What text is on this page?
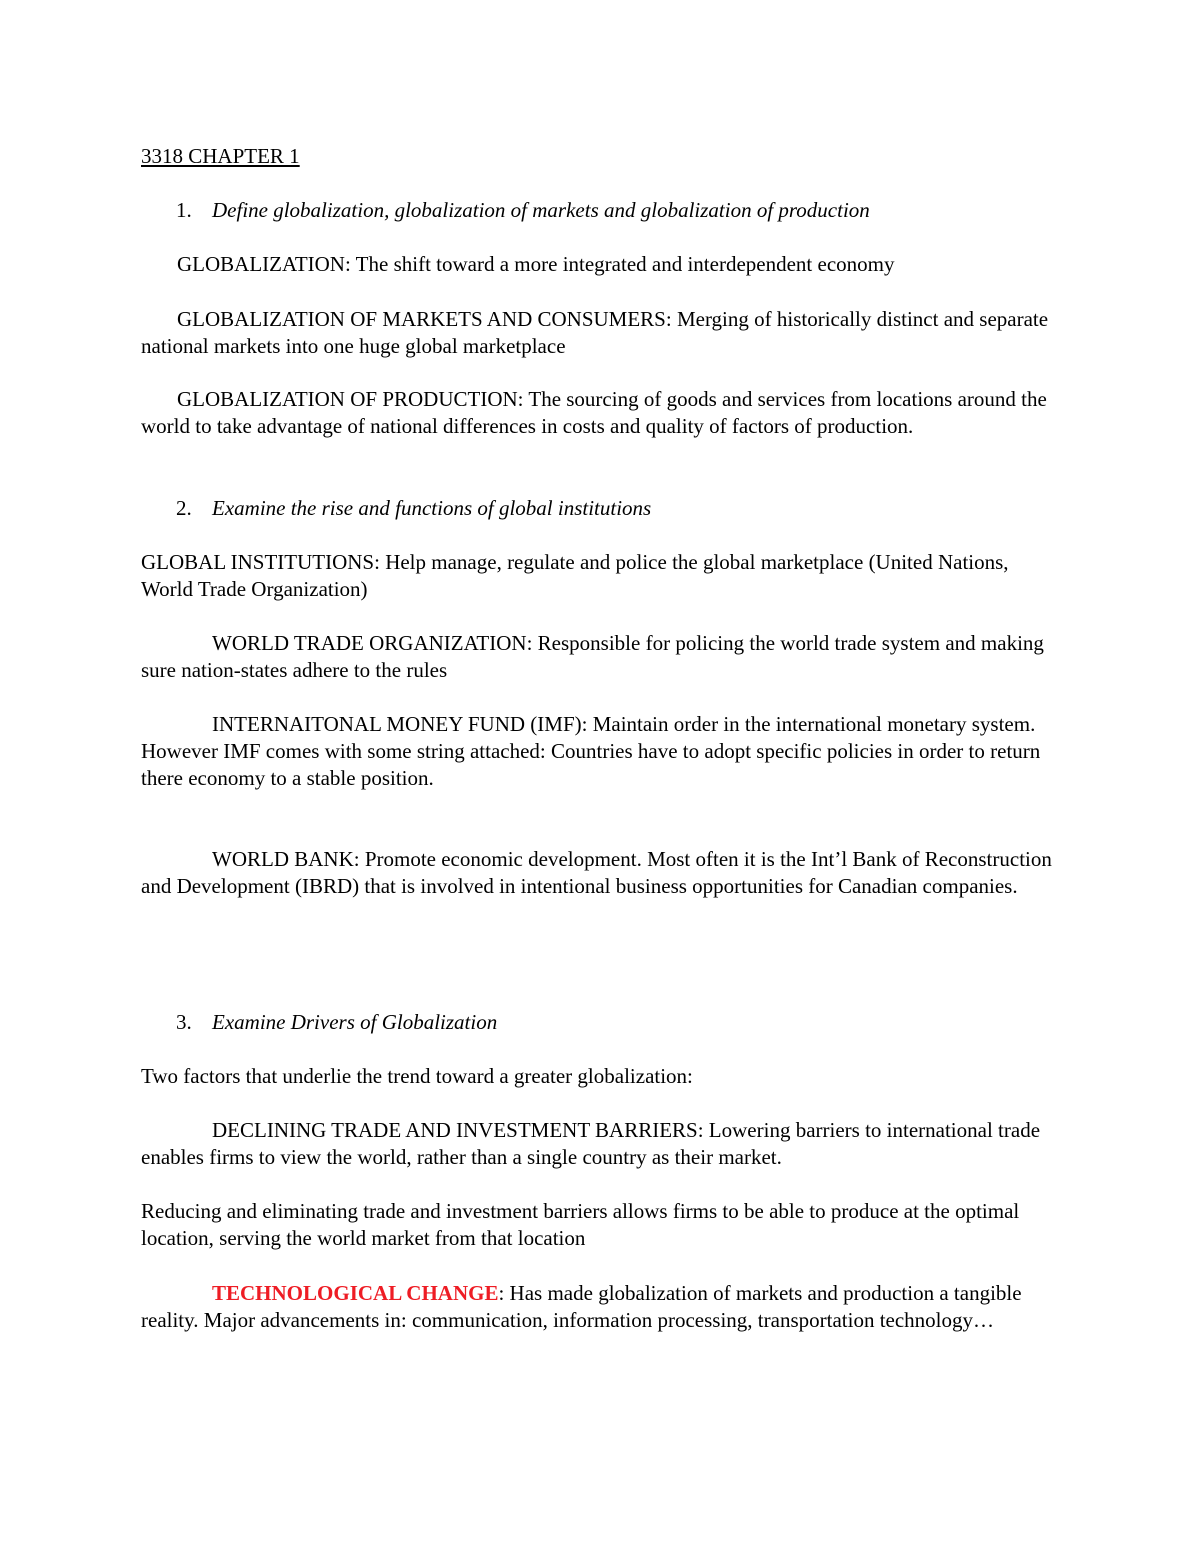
3318 CHAPTER 1

1. Define globalization, globalization of markets and globalization of production

GLOBALIZATION: The shift toward a more integrated and interdependent economy

GLOBALIZATION OF MARKETS AND CONSUMERS: Merging of historically distinct and separate national markets into one huge global marketplace

GLOBALIZATION OF PRODUCTION: The sourcing of goods and services from locations around the world to take advantage of national differences in costs and quality of factors of production.

2. Examine the rise and functions of global institutions

GLOBAL INSTITUTIONS: Help manage, regulate and police the global marketplace (United Nations, World Trade Organization)

WORLD TRADE ORGANIZATION: Responsible for policing the world trade system and making sure nation-states adhere to the rules

INTERNAITONAL MONEY FUND (IMF): Maintain order in the international monetary system. However IMF comes with some string attached: Countries have to adopt specific policies in order to return there economy to a stable position.

WORLD BANK: Promote economic development. Most often it is the Int’l Bank of Reconstruction and Development (IBRD) that is involved in intentional business opportunities for Canadian companies.

3. Examine Drivers of Globalization

Two factors that underlie the trend toward a greater globalization:

DECLINING TRADE AND INVESTMENT BARRIERS: Lowering barriers to international trade enables firms to view the world, rather than a single country as their market.

Reducing and eliminating trade and investment barriers allows firms to be able to produce at the optimal location, serving the world market from that location

TECHNOLOGICAL CHANGE: Has made globalization of markets and production a tangible reality. Major advancements in: communication, information processing, transportation technology…
